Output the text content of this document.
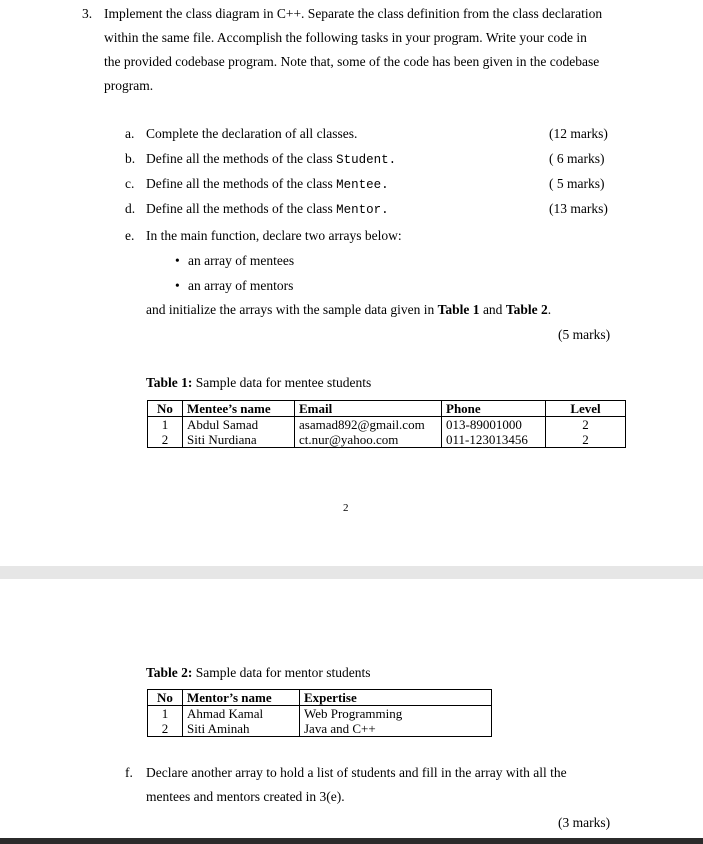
3. Implement the class diagram in C++. Separate the class definition from the class declaration
within the same file. Accomplish the following tasks in your program. Write your code in
the provided codebase program. Note that, some of the code has been given in the codebase
program.
a. Complete the declaration of all classes.	(12 marks)
b. Define all the methods of the class Student.	( 6 marks)
c. Define all the methods of the class Mentee.	( 5 marks)
d. Define all the methods of the class Mentor.	(13 marks)
e. In the main function, declare two arrays below:
• an array of mentees
• an array of mentors
and initialize the arrays with the sample data given in Table 1 and Table 2.
(5 marks)
Table 1: Sample data for mentee students
No	Mentee’s name	Email	Phone	Level
1	Abdul Samad	asamad892@gmail.com	013-89001000	2
2	Siti Nurdiana	ct.nur@yahoo.com	011-123013456	2
2
Table 2: Sample data for mentor students
No	Mentor’s name	Expertise
1	Ahmad Kamal	Web Programming
2	Siti Aminah	Java and C++
f. Declare another array to hold a list of students and fill in the array with all the
mentees and mentors created in 3(e).
(3 marks)
